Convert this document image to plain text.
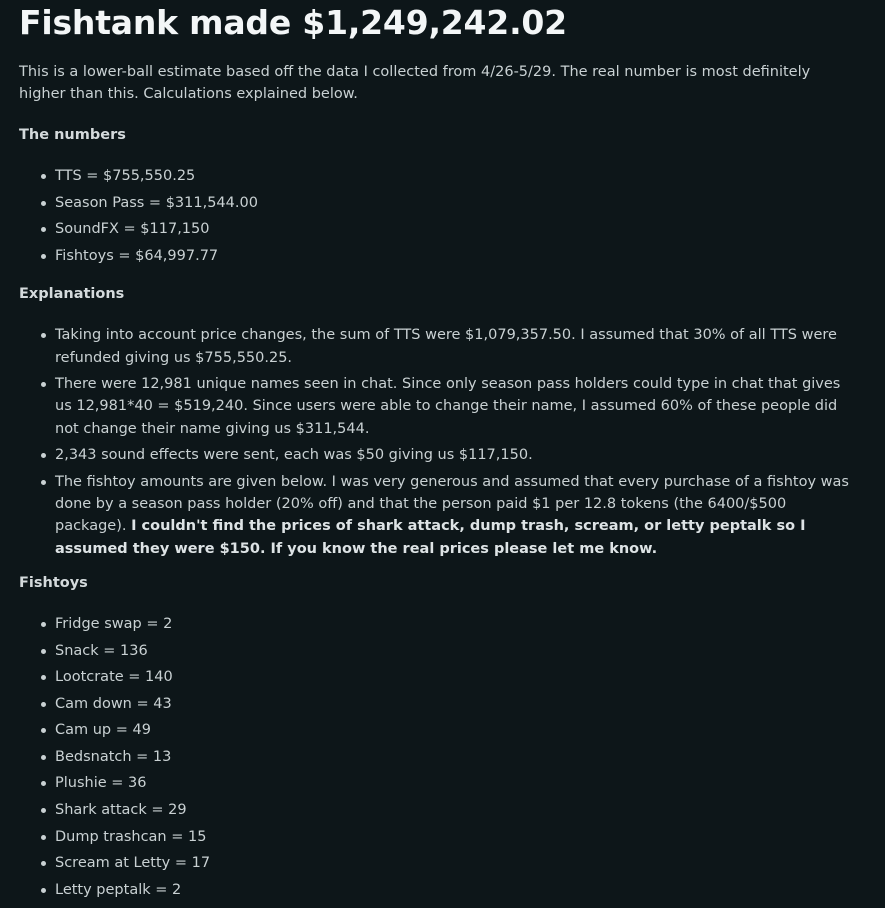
Fishtank made $1,249,242.02

This is a lower-ball estimate based off the data I collected from 4/26-5/29. The real number is most definitely higher than this. Calculations explained below.

The numbers
TTS = $755,550.25
Season Pass = $311,544.00
SoundFX = $117,150
Fishtoys = $64,997.77
Explanations
Taking into account price changes, the sum of TTS were $1,079,357.50. I assumed that 30% of all TTS were refunded giving us $755,550.25.
There were 12,981 unique names seen in chat. Since only season pass holders could type in chat that gives us 12,981*40 = $519,240. Since users were able to change their name, I assumed 60% of these people did not change their name giving us $311,544.
2,343 sound effects were sent, each was $50 giving us $117,150.
The fishtoy amounts are given below. I was very generous and assumed that every purchase of a fishtoy was done by a season pass holder (20% off) and that the person paid $1 per 12.8 tokens (the 6400/$500 package). I couldn't find the prices of shark attack, dump trash, scream, or letty peptalk so I assumed they were $150. If you know the real prices please let me know.
Fishtoys
Fridge swap = 2
Snack = 136
Lootcrate = 140
Cam down = 43
Cam up = 49
Bedsnatch = 13
Plushie = 36
Shark attack = 29
Dump trashcan = 15
Scream at Letty = 17
Letty peptalk = 2
